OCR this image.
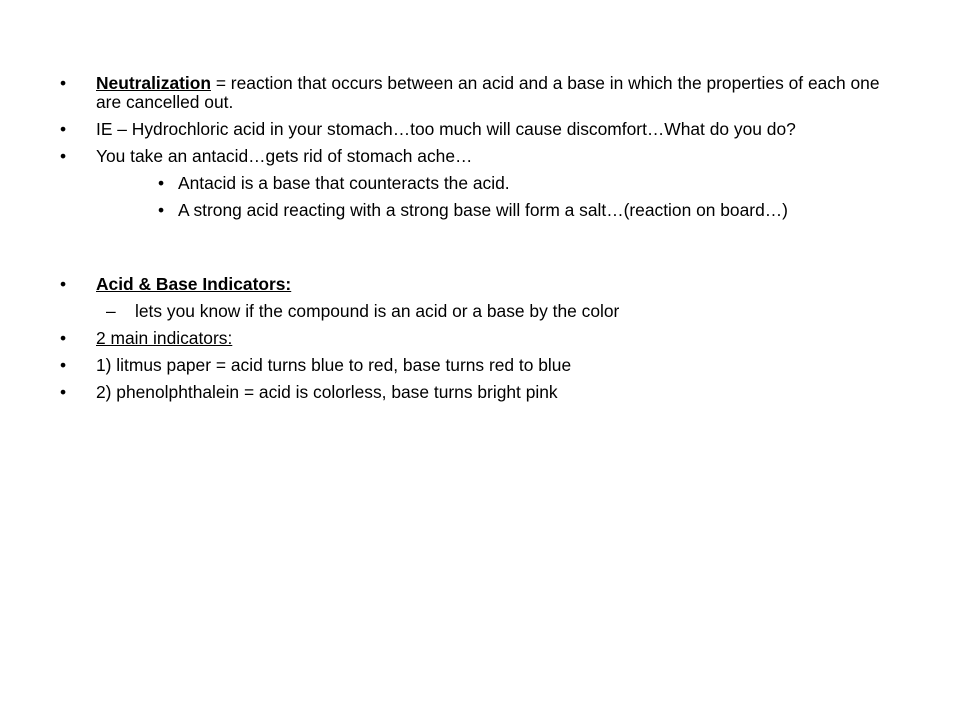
• Neutralization = reaction that occurs between an acid and a base in which the properties of each one are cancelled out.
• IE – Hydrochloric acid in your stomach…too much will cause discomfort…What do you do?
• You take an antacid…gets rid of stomach ache…
• Antacid is a base that counteracts the acid.
• A strong acid reacting with a strong base will form a salt…(reaction on board…)
• Acid & Base Indicators:
– lets you know if the compound is an acid or a base by the color
• 2 main indicators:
• 1) litmus paper = acid turns blue to red, base turns red to blue
• 2) phenolphthalein = acid is colorless, base turns bright pink
